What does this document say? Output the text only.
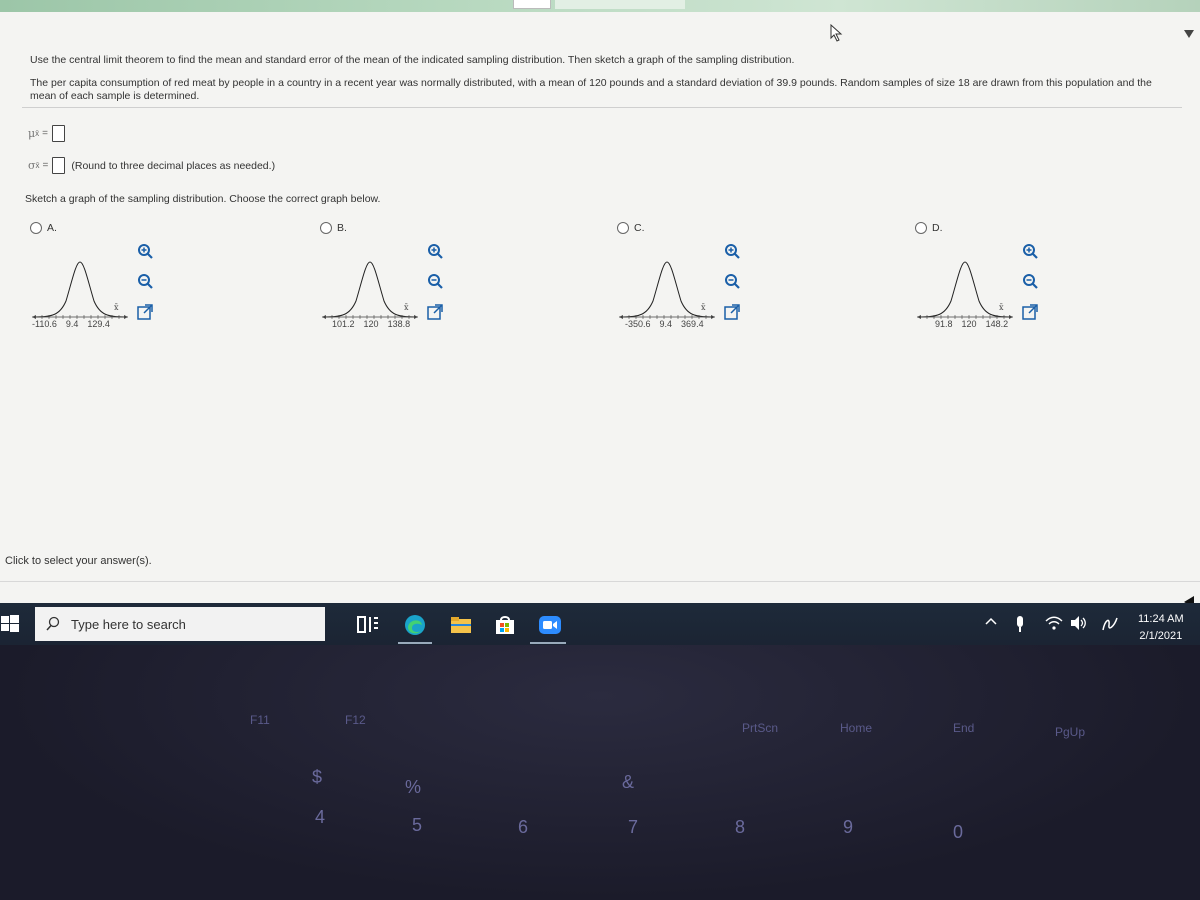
Use the central limit theorem to find the mean and standard error of the mean of the indicated sampling distribution. Then sketch a graph of the sampling distribution.
The per capita consumption of red meat by people in a country in a recent year was normally distributed, with a mean of 120 pounds and a standard deviation of 39.9 pounds. Random samples of size 18 are drawn from this population and the mean of each sample is determined.
μ x̄ =
σ x̄ = (Round to three decimal places as needed.)
Sketch a graph of the sampling distribution. Choose the correct graph below.
A.
x̄
-110.6 9.4 129.4
B.
x̄
101.2 120 138.8
C.
x̄
-350.6 9.4 369.4
D.
x̄
91.8 120 148.2
Click to select your answer(s).
Type here to search
11:24 AM
2/1/2021
F11	F12
PrtScn	Home	End	PgUp
$	%	&
4	5	6	7	8	9	0
